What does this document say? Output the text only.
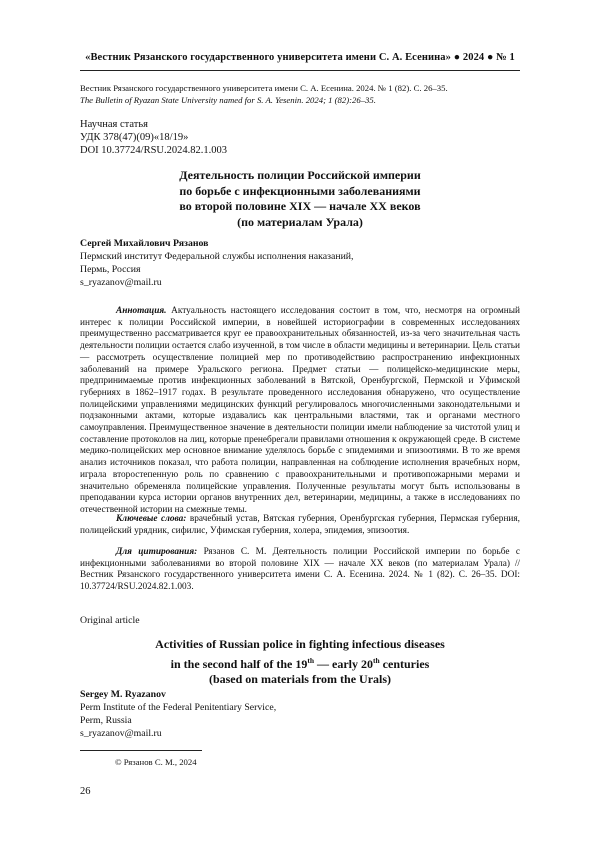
«Вестник Рязанского государственного университета имени С. А. Есенина» ● 2024 ● № 1
Вестник Рязанского государственного университета имени С. А. Есенина. 2024. № 1 (82). С. 26–35.
The Bulletin of Ryazan State University named for S. A. Yesenin. 2024; 1 (82):26–35.
Научная статья
УДК 378(47)(09)«18/19»
DOI 10.37724/RSU.2024.82.1.003
Деятельность полиции Российской империи
по борьбе с инфекционными заболеваниями
во второй половине XIX — начале XX веков
(по материалам Урала)
Сергей Михайлович Рязанов
Пермский институт Федеральной службы исполнения наказаний,
Пермь, Россия
s_ryazanov@mail.ru
Аннотация. Актуальность настоящего исследования состоит в том, что, несмотря на огромный интерес к полиции Российской империи, в новейшей историографии в современных исследованиях преимущественно рассматривается круг ее правоохранительных обязанностей, из-за чего значительная часть деятельности полиции остается слабо изученной, в том числе в области медицины и ветеринарии. Цель статьи — рассмотреть осуществление полицией мер по противодействию распространению инфекционных заболеваний на примере Уральского региона. Предмет статьи — полицейско-медицинские меры, предпринимаемые против инфекционных заболеваний в Вятской, Оренбургской, Пермской и Уфимской губерниях в 1862–1917 годах. В результате проведенного исследования обнаружено, что осуществление полицейскими управлениями медицинских функций регулировалось многочисленными законодательными и подзаконными актами, которые издавались как центральными властями, так и органами местного самоуправления. Преимущественное значение в деятельности полиции имели наблюдение за чистотой улиц и составление протоколов на лиц, которые пренебрегали правилами отношения к окружающей среде. В системе медико-полицейских мер основное внимание уделялось борьбе с эпидемиями и эпизоотиями. В то же время анализ источников показал, что работа полиции, направленная на соблюдение исполнения врачебных норм, играла второстепенную роль по сравнению с правоохранительными и противопожарными мерами и значительно обременяла полицейские управления. Полученные результаты могут быть использованы в преподавании курса истории органов внутренних дел, ветеринарии, медицины, а также в исследованиях по отечественной истории на смежные темы.
Ключевые слова: врачебный устав, Вятская губерния, Оренбургская губерния, Пермская губерния, полицейский урядник, сифилис, Уфимская губерния, холера, эпидемия, эпизоотия.
Для цитирования: Рязанов С. М. Деятельность полиции Российской империи по борьбе с инфекционными заболеваниями во второй половине XIX — начале XX веков (по материалам Урала) // Вестник Рязанского государственного университета имени С. А. Есенина. 2024. № 1 (82). С. 26–35. DOI: 10.37724/RSU.2024.82.1.003.
Original article
Activities of Russian police in fighting infectious diseases
in the second half of the 19th — early 20th centuries
(based on materials from the Urals)
Sergey M. Ryazanov
Perm Institute of the Federal Penitentiary Service,
Perm, Russia
s_ryazanov@mail.ru
© Рязанов С. М., 2024
26
